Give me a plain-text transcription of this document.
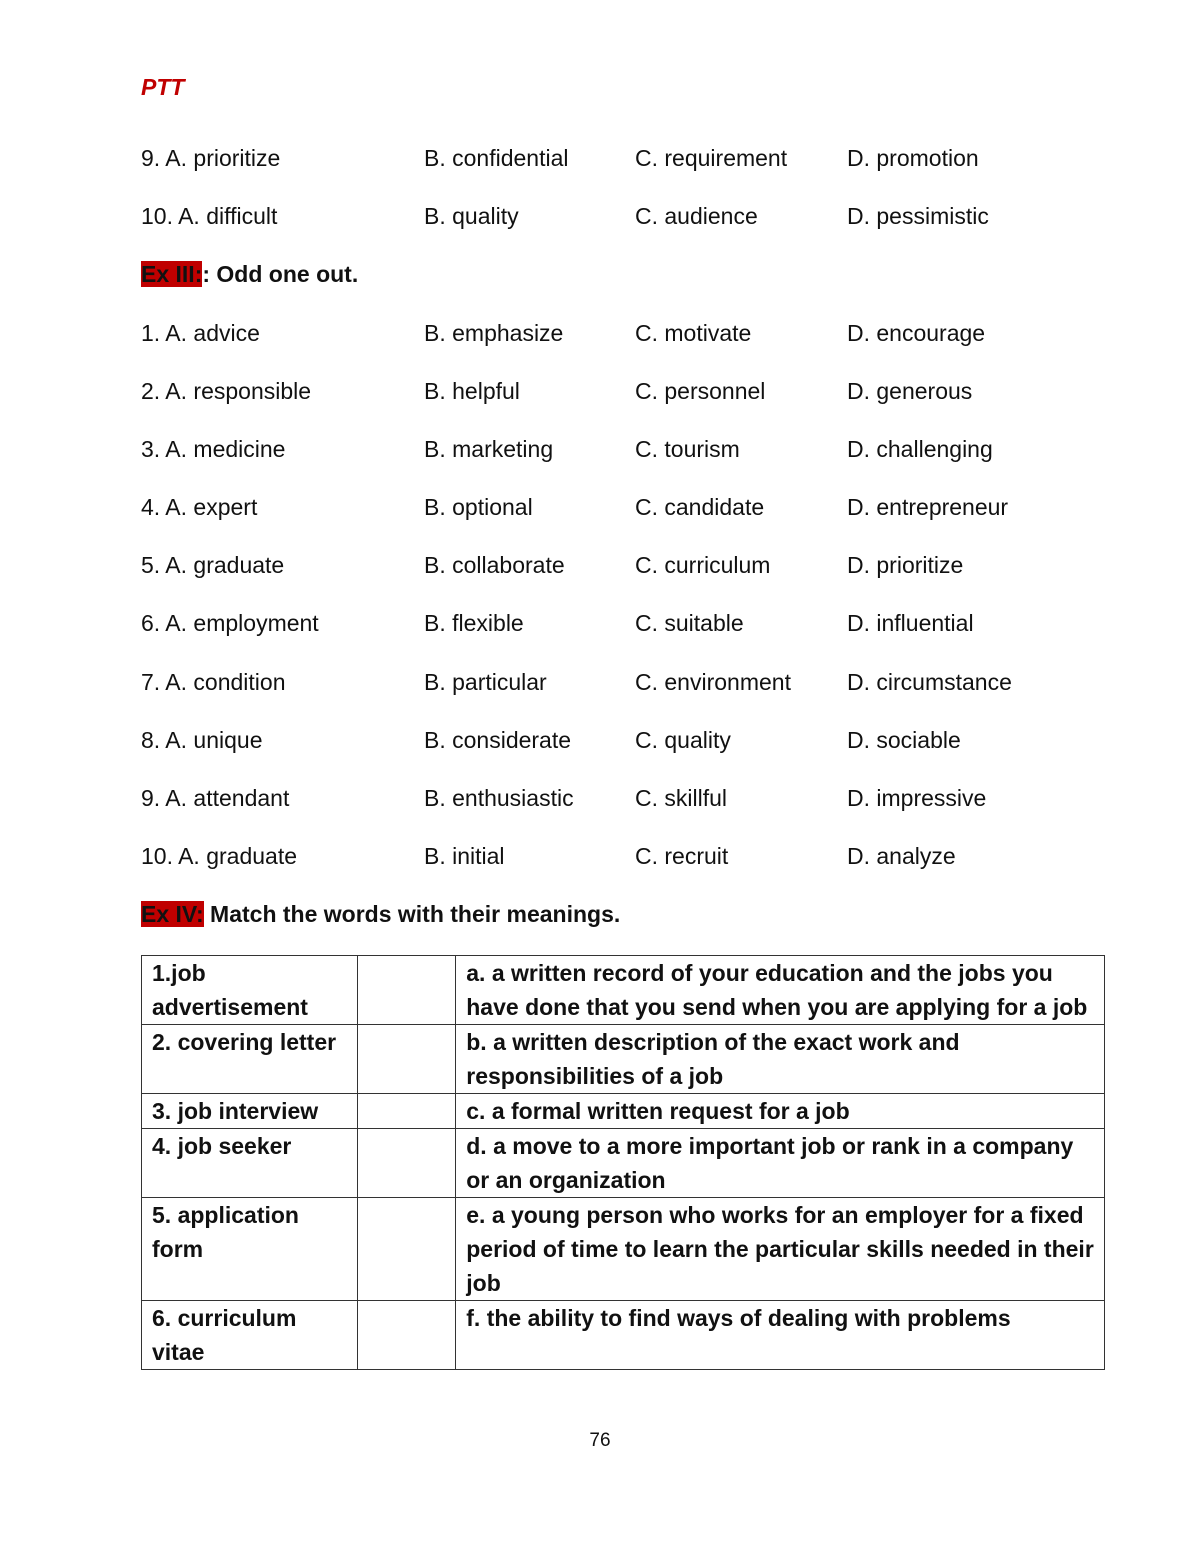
PTT
9. A. prioritize	B. confidential	C. requirement	D. promotion
10. A. difficult	B. quality	C. audience	D. pessimistic
Ex III:: Odd one out.
1. A. advice	B. emphasize	C. motivate	D. encourage
2. A. responsible	B. helpful	C. personnel	D. generous
3. A. medicine	B. marketing	C. tourism	D. challenging
4. A. expert	B. optional	C. candidate	D. entrepreneur
5. A. graduate	B. collaborate	C. curriculum	D. prioritize
6. A. employment	B. flexible	C. suitable	D. influential
7. A. condition	B. particular	C. environment D. circumstance
8. A. unique	B. considerate	C. quality	D. sociable
9. A. attendant	B. enthusiastic	C. skillful	D. impressive
10. A. graduate	B. initial	C. recruit	D. analyze
Ex IV: Match the words with their meanings.
1.job advertisement		a. a written record of your education and the jobs you have done that you send when you are applying for a job
2. covering letter		b. a written description of the exact work and responsibilities of a job
3. job interview		c. a formal written request for a job
4. job seeker		d. a move to a more important job or rank in a company or an organization
5. application form		e. a young person who works for an employer for a fixed period of time to learn the particular skills needed in their job
6. curriculum vitae		f. the ability to find ways of dealing with problems
76
